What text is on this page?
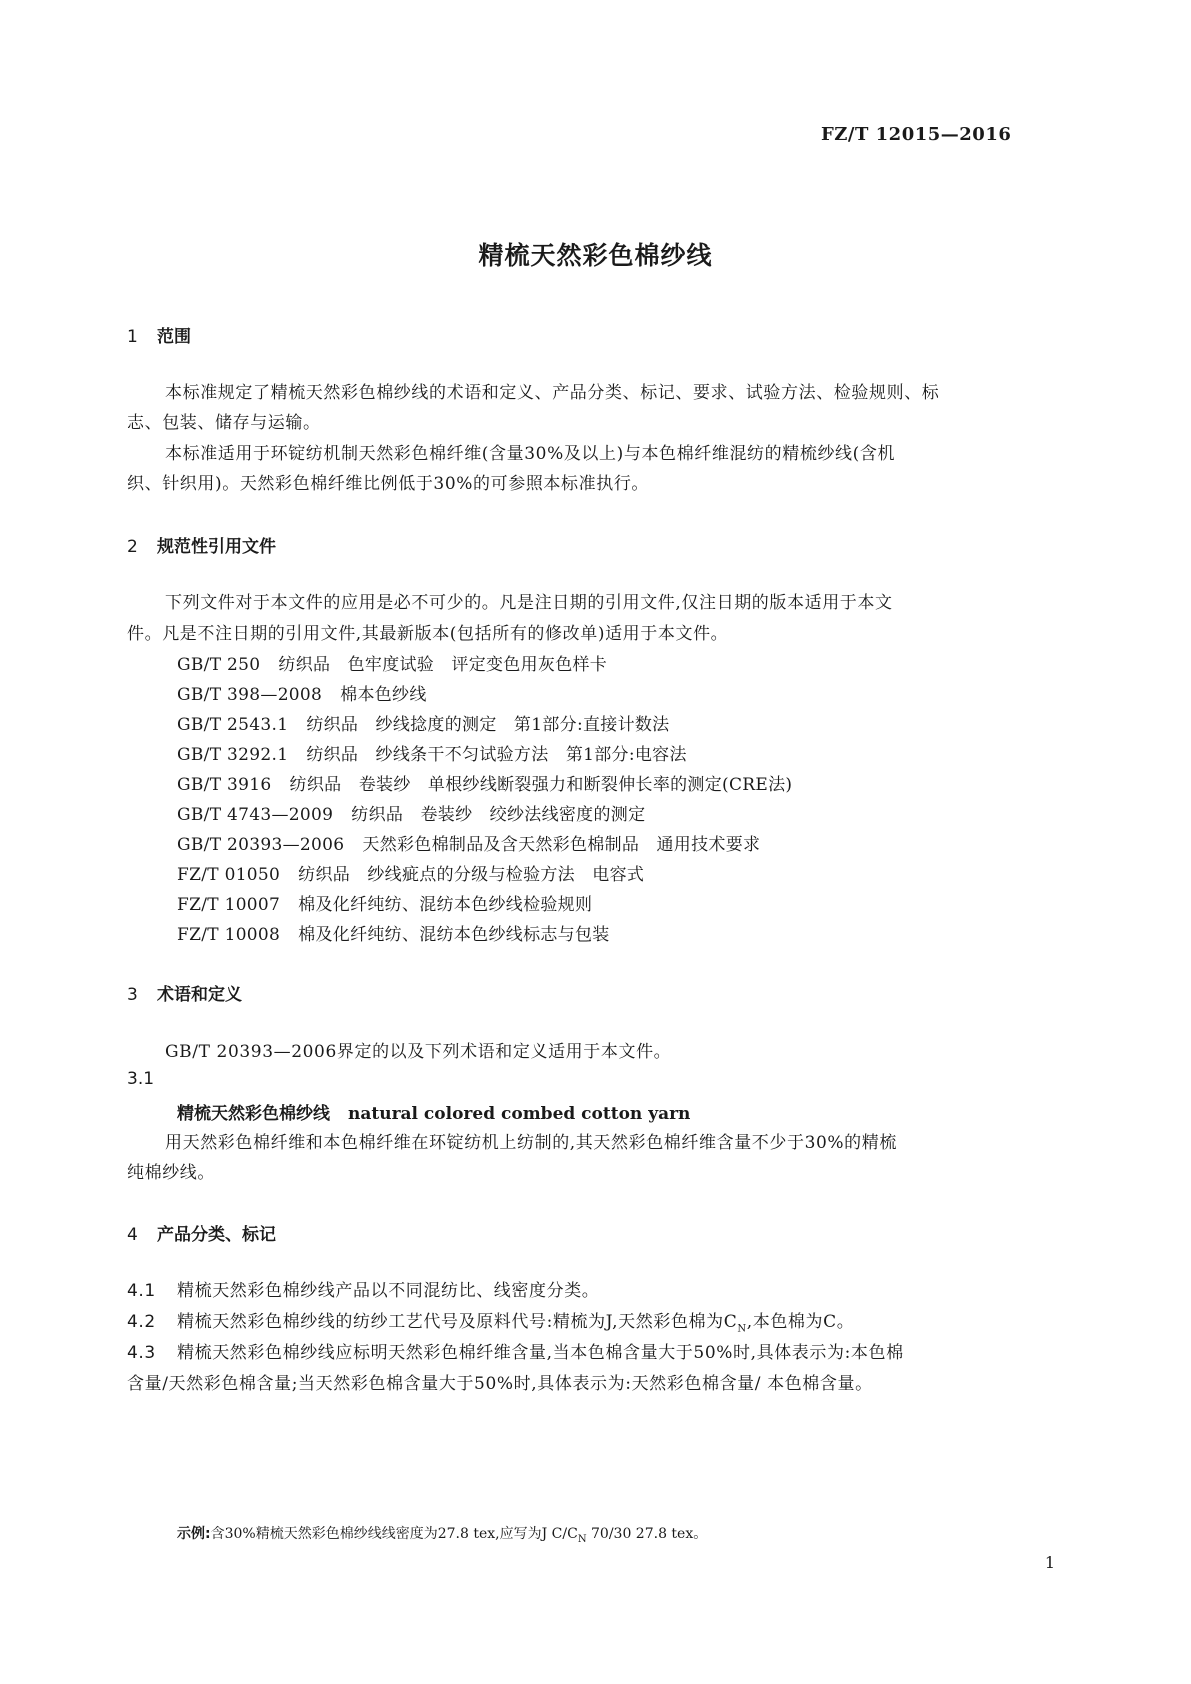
FZ/T 12015—2016
精梳天然彩色棉纱线
1 范围
本标准规定了精梳天然彩色棉纱线的术语和定义、产品分类、标记、要求、试验方法、检验规则、标
志、包装、储存与运输。
本标准适用于环锭纺机制天然彩色棉纤维(含量30%及以上)与本色棉纤维混纺的精梳纱线(含机
织、针织用)。天然彩色棉纤维比例低于30%的可参照本标准执行。
2 规范性引用文件
下列文件对于本文件的应用是必不可少的。凡是注日期的引用文件,仅注日期的版本适用于本文
件。凡是不注日期的引用文件,其最新版本(包括所有的修改单)适用于本文件。
GB/T 250 纺织品　色牢度试验　评定变色用灰色样卡
GB/T 398—2008 棉本色纱线
GB/T 2543.1 纺织品　纱线捻度的测定　第1部分:直接计数法
GB/T 3292.1 纺织品　纱线条干不匀试验方法　第1部分:电容法
GB/T 3916 纺织品　卷装纱　单根纱线断裂强力和断裂伸长率的测定(CRE法)
GB/T 4743—2009 纺织品　卷装纱　绞纱法线密度的测定
GB/T 20393—2006 天然彩色棉制品及含天然彩色棉制品　通用技术要求
FZ/T 01050 纺织品　纱线疵点的分级与检验方法　电容式
FZ/T 10007 棉及化纤纯纺、混纺本色纱线检验规则
FZ/T 10008 棉及化纤纯纺、混纺本色纱线标志与包装
3 术语和定义
GB/T 20393—2006界定的以及下列术语和定义适用于本文件。
3.1
精梳天然彩色棉纱线 natural colored combed cotton yarn
用天然彩色棉纤维和本色棉纤维在环锭纺机上纺制的,其天然彩色棉纤维含量不少于30%的精梳
纯棉纱线。
4 产品分类、标记
4.1 精梳天然彩色棉纱线产品以不同混纺比、线密度分类。
4.2 精梳天然彩色棉纱线的纺纱工艺代号及原料代号:精梳为J,天然彩色棉为$C_N$,本色棉为C。
4.3 精梳天然彩色棉纱线应标明天然彩色棉纤维含量,当本色棉含量大于50%时,具体表示为:本色棉
含量/天然彩色棉含量;当天然彩色棉含量大于50%时,具体表示为:天然彩色棉含量/ 本色棉含量。
示例:含30%精梳天然彩色棉纱线线密度为27.8 tex,应写为J $C/C_N$ 70/30 27.8 tex。
1
